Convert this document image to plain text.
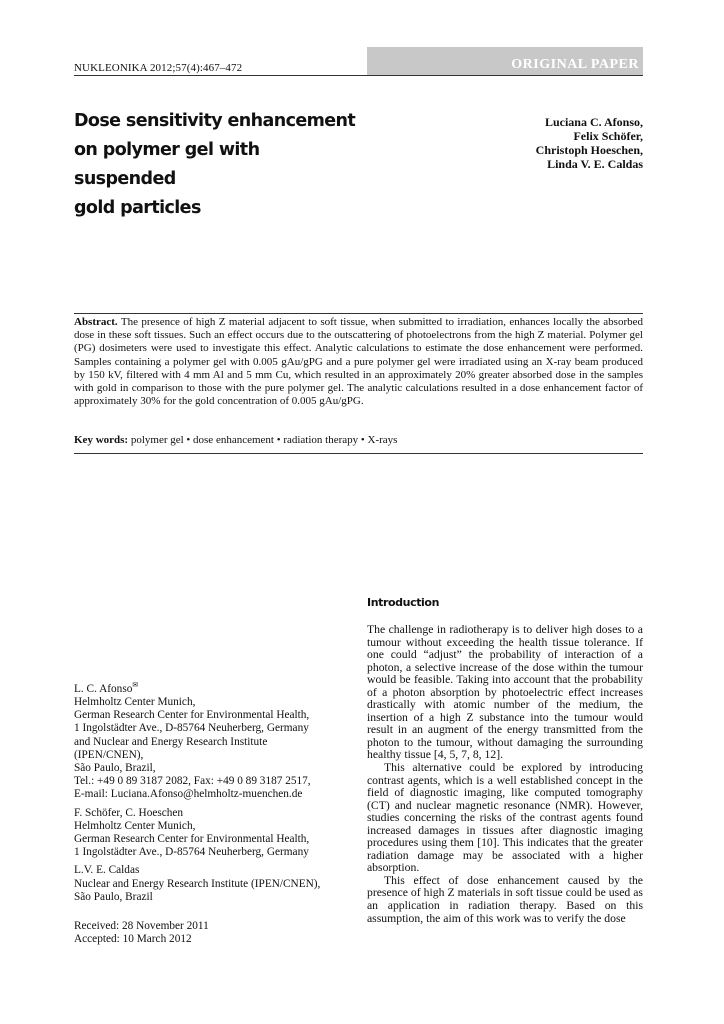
NUKLEONIKA 2012;57(4):467–472	ORIGINAL PAPER
Dose sensitivity enhancement
on polymer gel with suspended
gold particles
Luciana C. Afonso,
Felix Schöfer,
Christoph Hoeschen,
Linda V. E. Caldas
Abstract. The presence of high Z material adjacent to soft tissue, when submitted to irradiation, enhances locally the absorbed dose in these soft tissues. Such an effect occurs due to the outscattering of photoelectrons from the high Z material. Polymer gel (PG) dosimeters were used to investigate this effect. Analytic calculations to estimate the dose enhancement were performed. Samples containing a polymer gel with 0.005 gAu/gPG and a pure polymer gel were irradiated using an X-ray beam produced by 150 kV, filtered with 4 mm Al and 5 mm Cu, which resulted in an approximately 20% greater absorbed dose in the samples with gold in comparison to those with the pure polymer gel. The analytic calculations resulted in a dose enhancement factor of approximately 30% for the gold concentration of 0.005 gAu/gPG.
Key words: polymer gel • dose enhancement • radiation therapy • X-rays
Introduction

The challenge in radiotherapy is to deliver high doses to a tumour without exceeding the health tissue tolerance. If one could “adjust” the probability of interaction of a photon, a selective increase of the dose within the tumour would be feasible. Taking into account that the probability of a photon absorption by photoelectric effect increases drastically with atomic number of the medium, the insertion of a high Z substance into the tumour would result in an augment of the energy transmitted from the photon to the tumour, without damaging the surrounding healthy tissue [4, 5, 7, 8, 12].

This alternative could be explored by introducing contrast agents, which is a well established concept in the field of diagnostic imaging, like computed tomography (CT) and nuclear magnetic resonance (NMR). However, studies concerning the risks of the contrast agents found increased damages in tissues after diagnostic imaging procedures using them [10]. This indicates that the greater radiation damage may be associated with a higher absorption.

This effect of dose enhancement caused by the presence of high Z materials in soft tissue could be used as an application in radiation therapy. Based on this assumption, the aim of this work was to verify the dose

L. C. Afonso✉
Helmholtz Center Munich,
German Research Center for Environmental Health,
1 Ingolstädter Ave., D-85764 Neuherberg, Germany
and Nuclear and Energy Research Institute
(IPEN/CNEN),
São Paulo, Brazil,
Tel.: +49 0 89 3187 2082, Fax: +49 0 89 3187 2517,
E-mail: Luciana.Afonso@helmholtz-muenchen.de
F. Schöfer, C. Hoeschen
Helmholtz Center Munich,
German Research Center for Environmental Health,
1 Ingolstädter Ave., D-85764 Neuherberg, Germany
L.V. E. Caldas
Nuclear and Energy Research Institute (IPEN/CNEN),
São Paulo, Brazil
Received: 28 November 2011
Accepted: 10 March 2012
